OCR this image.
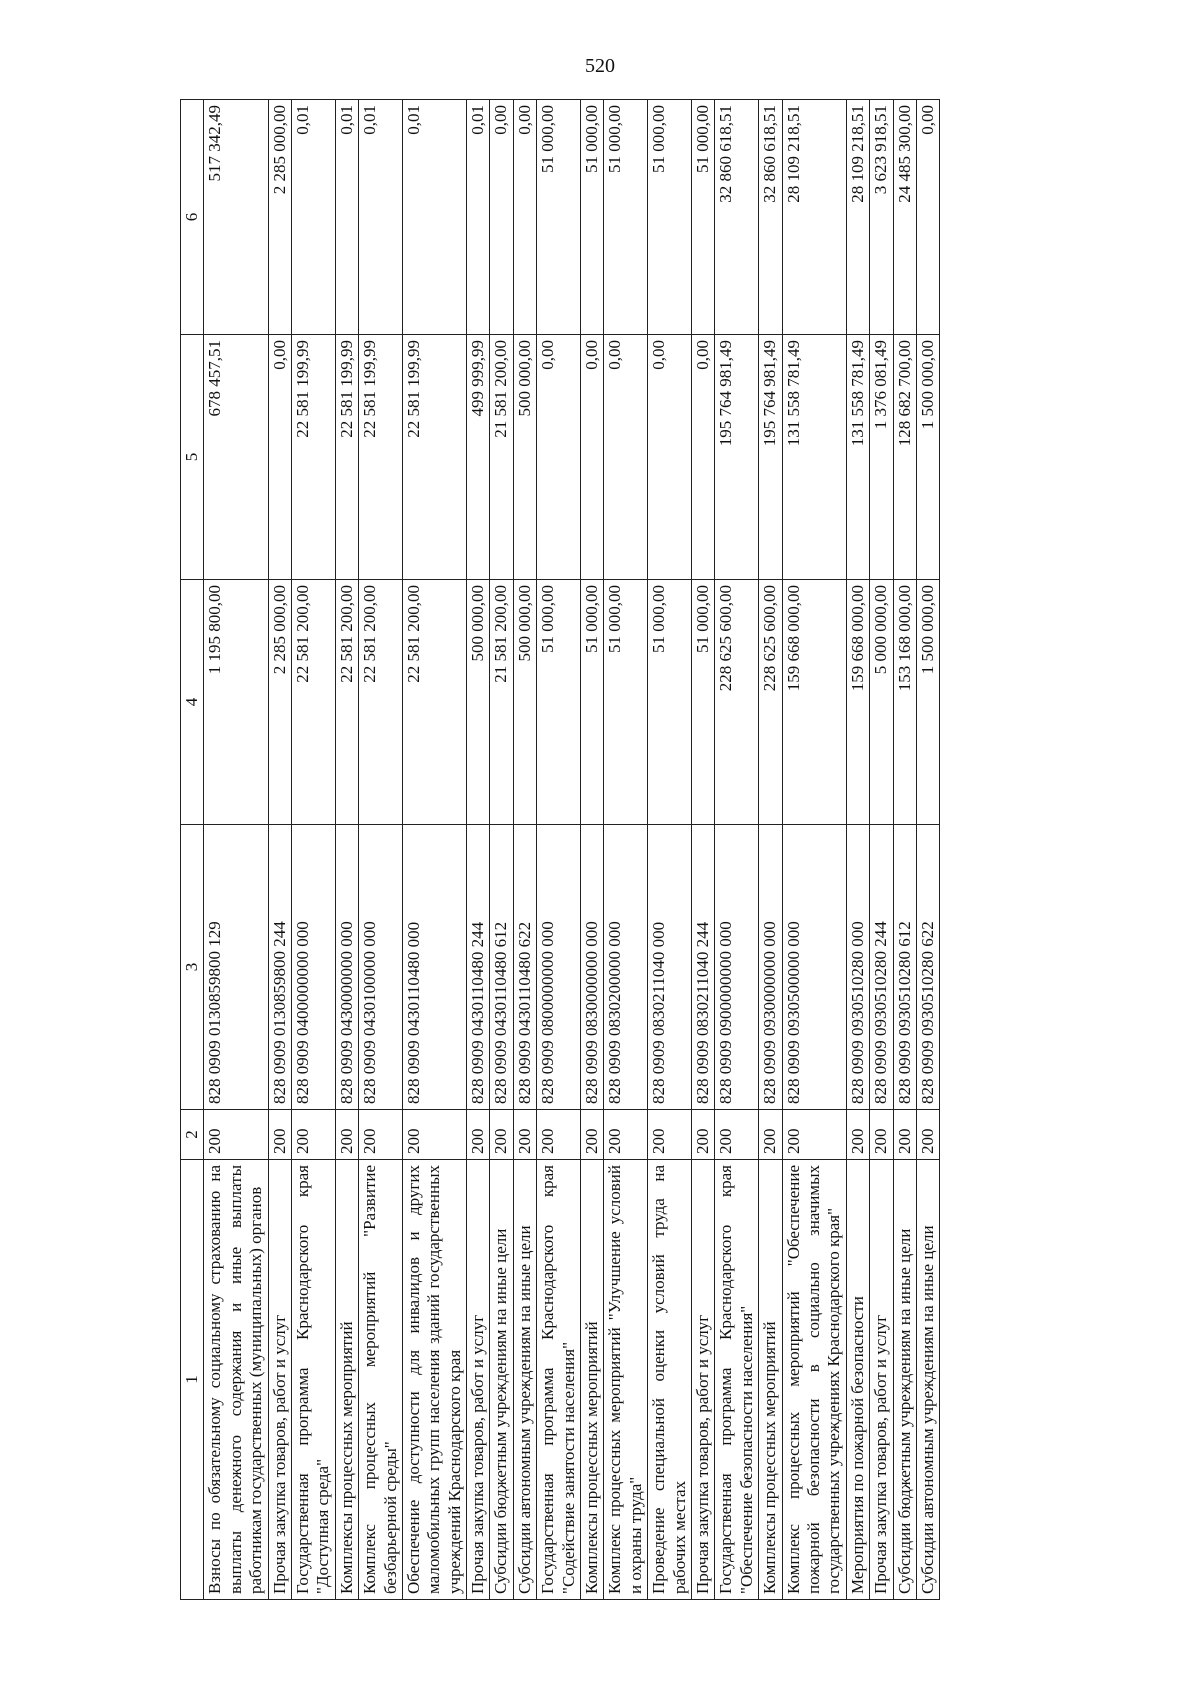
520
1	2	3	4	5	6
Взносы по обязательному социальному страхованию на выплаты денежного содержания и иные выплаты работникам государственных (муниципальных) органов	200	828 0909 0130859800 129	1 195 800,00	678 457,51	517 342,49
Прочая закупка товаров, работ и услуг	200	828 0909 0130859800 244	2 285 000,00	0,00	2 285 000,00
Государственная программа Краснодарского края "Доступная среда"	200	828 0909 0400000000 000	22 581 200,00	22 581 199,99	0,01
Комплексы процессных мероприятий	200	828 0909 0430000000 000	22 581 200,00	22 581 199,99	0,01
Комплекс процессных мероприятий "Развитие безбарьерной среды"	200	828 0909 0430100000 000	22 581 200,00	22 581 199,99	0,01
Обеспечение доступности для инвалидов и других маломобильных групп населения зданий государственных учреждений Краснодарского края	200	828 0909 0430110480 000	22 581 200,00	22 581 199,99	0,01
Прочая закупка товаров, работ и услуг	200	828 0909 0430110480 244	500 000,00	499 999,99	0,01
Субсидии бюджетным учреждениям на иные цели	200	828 0909 0430110480 612	21 581 200,00	21 581 200,00	0,00
Субсидии автономным учреждениям на иные цели	200	828 0909 0430110480 622	500 000,00	500 000,00	0,00
Государственная программа Краснодарского края "Содействие занятости населения"	200	828 0909 0800000000 000	51 000,00	0,00	51 000,00
Комплексы процессных мероприятий	200	828 0909 0830000000 000	51 000,00	0,00	51 000,00
Комплекс процессных мероприятий "Улучшение условий и охраны труда"	200	828 0909 0830200000 000	51 000,00	0,00	51 000,00
Проведение специальной оценки условий труда на рабочих местах	200	828 0909 0830211040 000	51 000,00	0,00	51 000,00
Прочая закупка товаров, работ и услуг	200	828 0909 0830211040 244	51 000,00	0,00	51 000,00
Государственная программа Краснодарского края "Обеспечение безопасности населения"	200	828 0909 0900000000 000	228 625 600,00	195 764 981,49	32 860 618,51
Комплексы процессных мероприятий	200	828 0909 0930000000 000	228 625 600,00	195 764 981,49	32 860 618,51
Комплекс процессных мероприятий "Обеспечение пожарной безопасности в социально значимых государственных учреждениях Краснодарского края"	200	828 0909 0930500000 000	159 668 000,00	131 558 781,49	28 109 218,51
Мероприятия по пожарной безопасности	200	828 0909 0930510280 000	159 668 000,00	131 558 781,49	28 109 218,51
Прочая закупка товаров, работ и услуг	200	828 0909 0930510280 244	5 000 000,00	1 376 081,49	3 623 918,51
Субсидии бюджетным учреждениям на иные цели	200	828 0909 0930510280 612	153 168 000,00	128 682 700,00	24 485 300,00
Субсидии автономным учреждениям на иные цели	200	828 0909 0930510280 622	1 500 000,00	1 500 000,00	0,00
